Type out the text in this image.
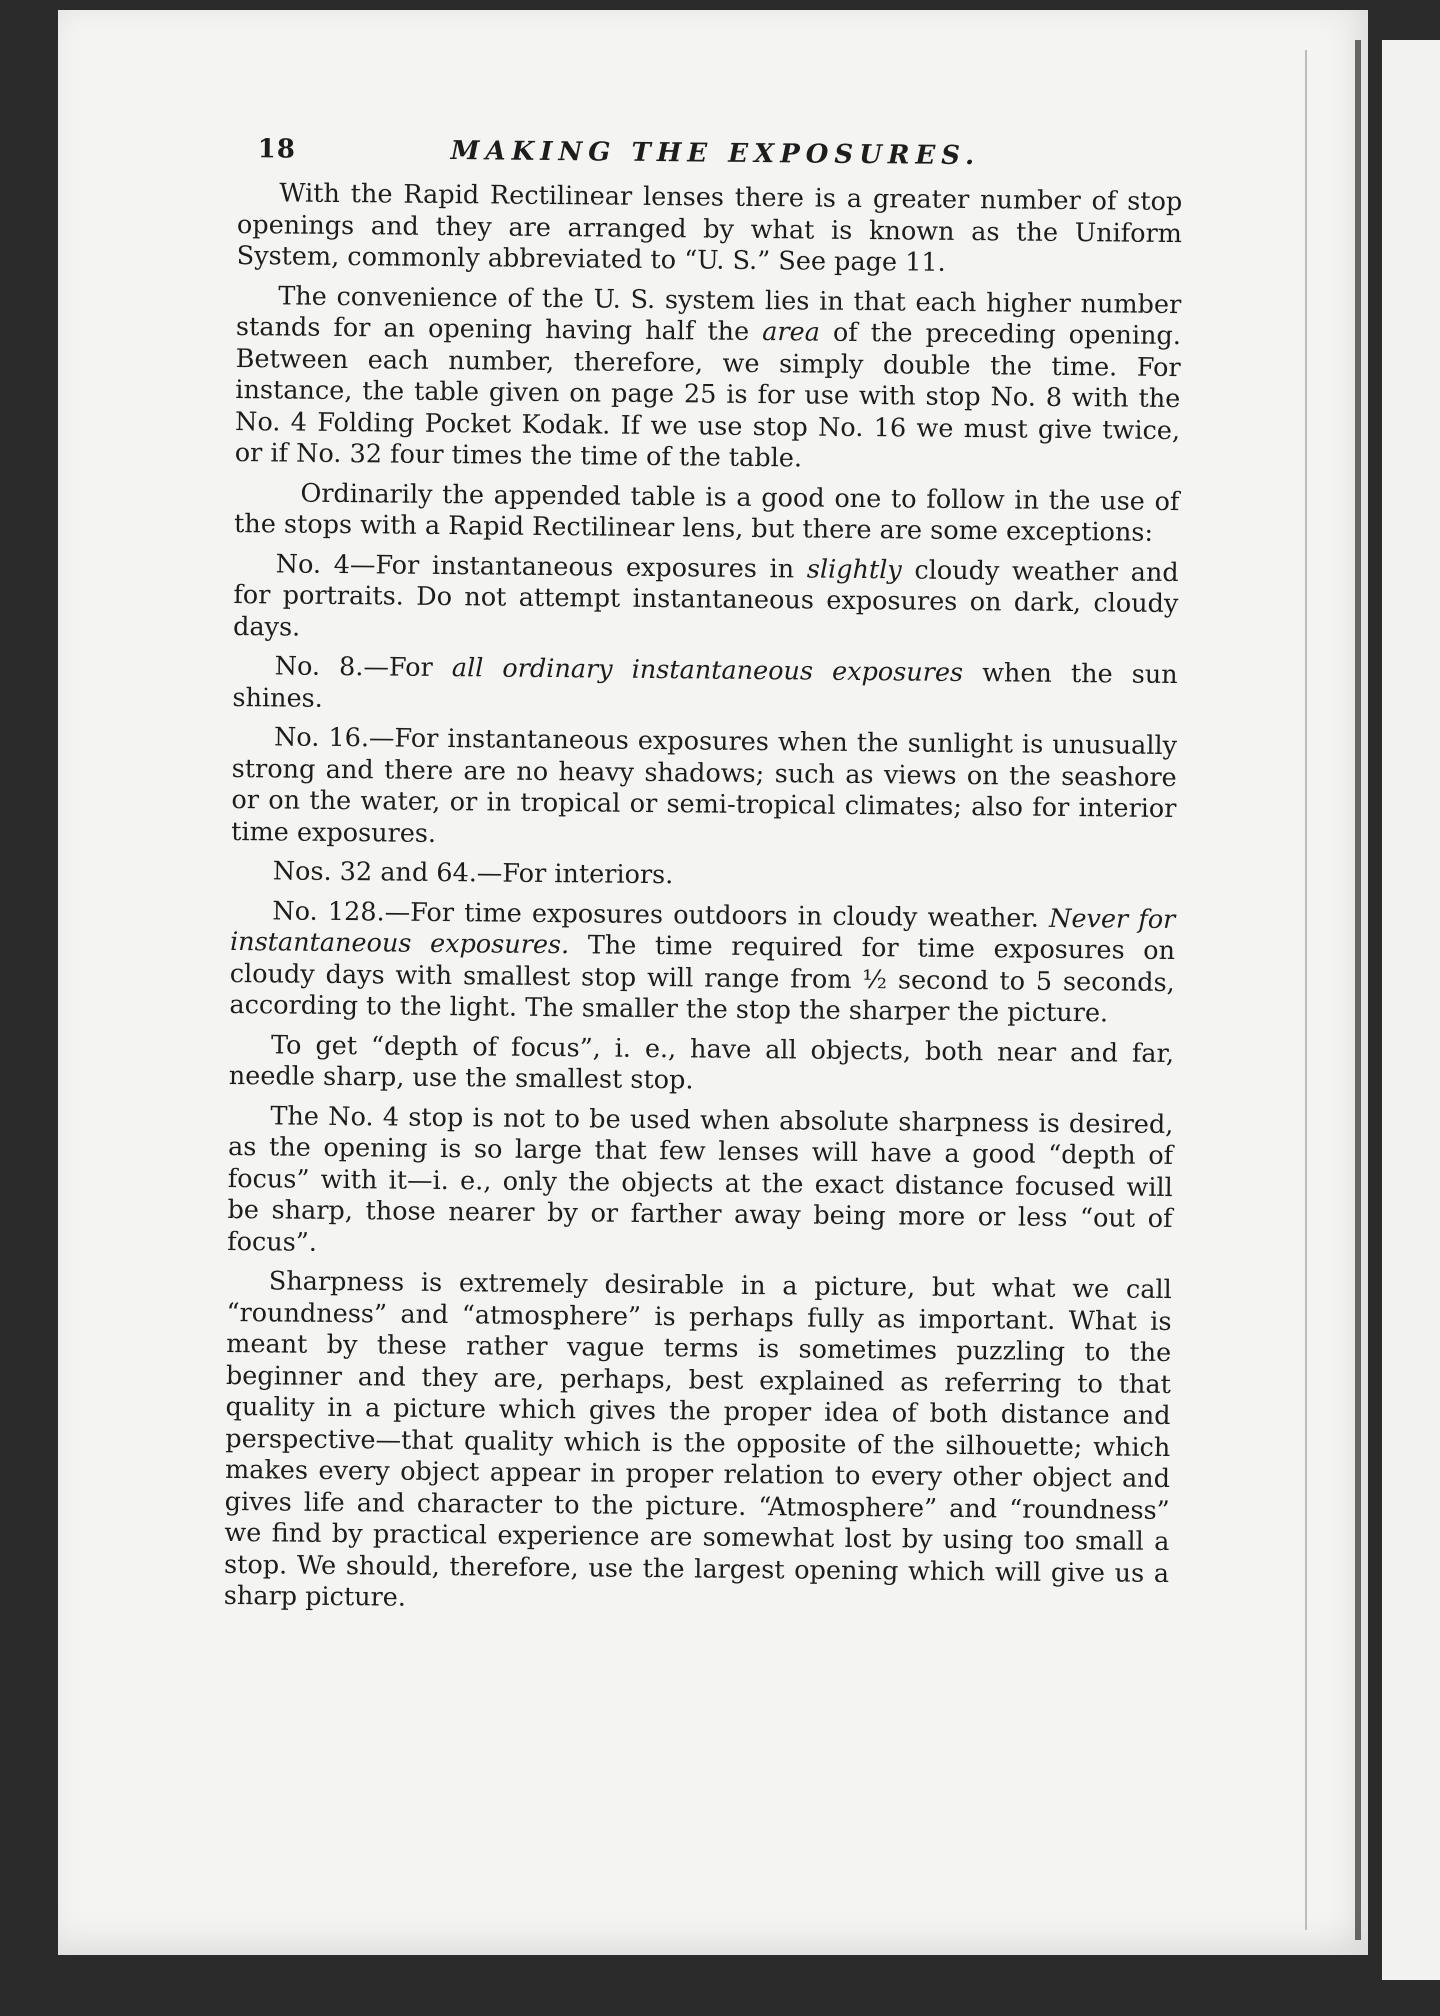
18	MAKING THE EXPOSURES.

With the Rapid Rectilinear lenses there is a greater number of stop openings and they are arranged by what is known as the Uniform System, commonly abbreviated to “U. S.” See page 11.

The convenience of the U. S. system lies in that each higher number stands for an opening having half the area of the preceding opening. Between each number, therefore, we simply double the time. For instance, the table given on page 25 is for use with stop No. 8 with the No. 4 Folding Pocket Kodak. If we use stop No. 16 we must give twice, or if No. 32 four times the time of the table.

Ordinarily the appended table is a good one to follow in the use of the stops with a Rapid Rectilinear lens, but there are some exceptions:

No. 4—For instantaneous exposures in slightly cloudy weather and for portraits. Do not attempt instantaneous exposures on dark, cloudy days.

No. 8.—For all ordinary instantaneous exposures when the sun shines.

No. 16.—For instantaneous exposures when the sunlight is unusually strong and there are no heavy shadows; such as views on the seashore or on the water, or in tropical or semi-tropical climates; also for interior time exposures.

Nos. 32 and 64.—For interiors.

No. 128.—For time exposures outdoors in cloudy weather. Never for instantaneous exposures. The time required for time exposures on cloudy days with smallest stop will range from ½ second to 5 seconds, according to the light. The smaller the stop the sharper the picture.

To get “depth of focus”, i. e., have all objects, both near and far, needle sharp, use the smallest stop.

The No. 4 stop is not to be used when absolute sharpness is desired, as the opening is so large that few lenses will have a good “depth of focus” with it—i. e., only the objects at the exact distance focused will be sharp, those nearer by or farther away being more or less “out of focus”.

Sharpness is extremely desirable in a picture, but what we call “roundness” and “atmosphere” is perhaps fully as important. What is meant by these rather vague terms is sometimes puzzling to the beginner and they are, perhaps, best explained as referring to that quality in a picture which gives the proper idea of both distance and perspective—that quality which is the opposite of the silhouette; which makes every object appear in proper relation to every other object and gives life and character to the picture. “Atmosphere” and “roundness” we find by practical experience are somewhat lost by using too small a stop. We should, therefore, use the largest opening which will give us a sharp picture.
